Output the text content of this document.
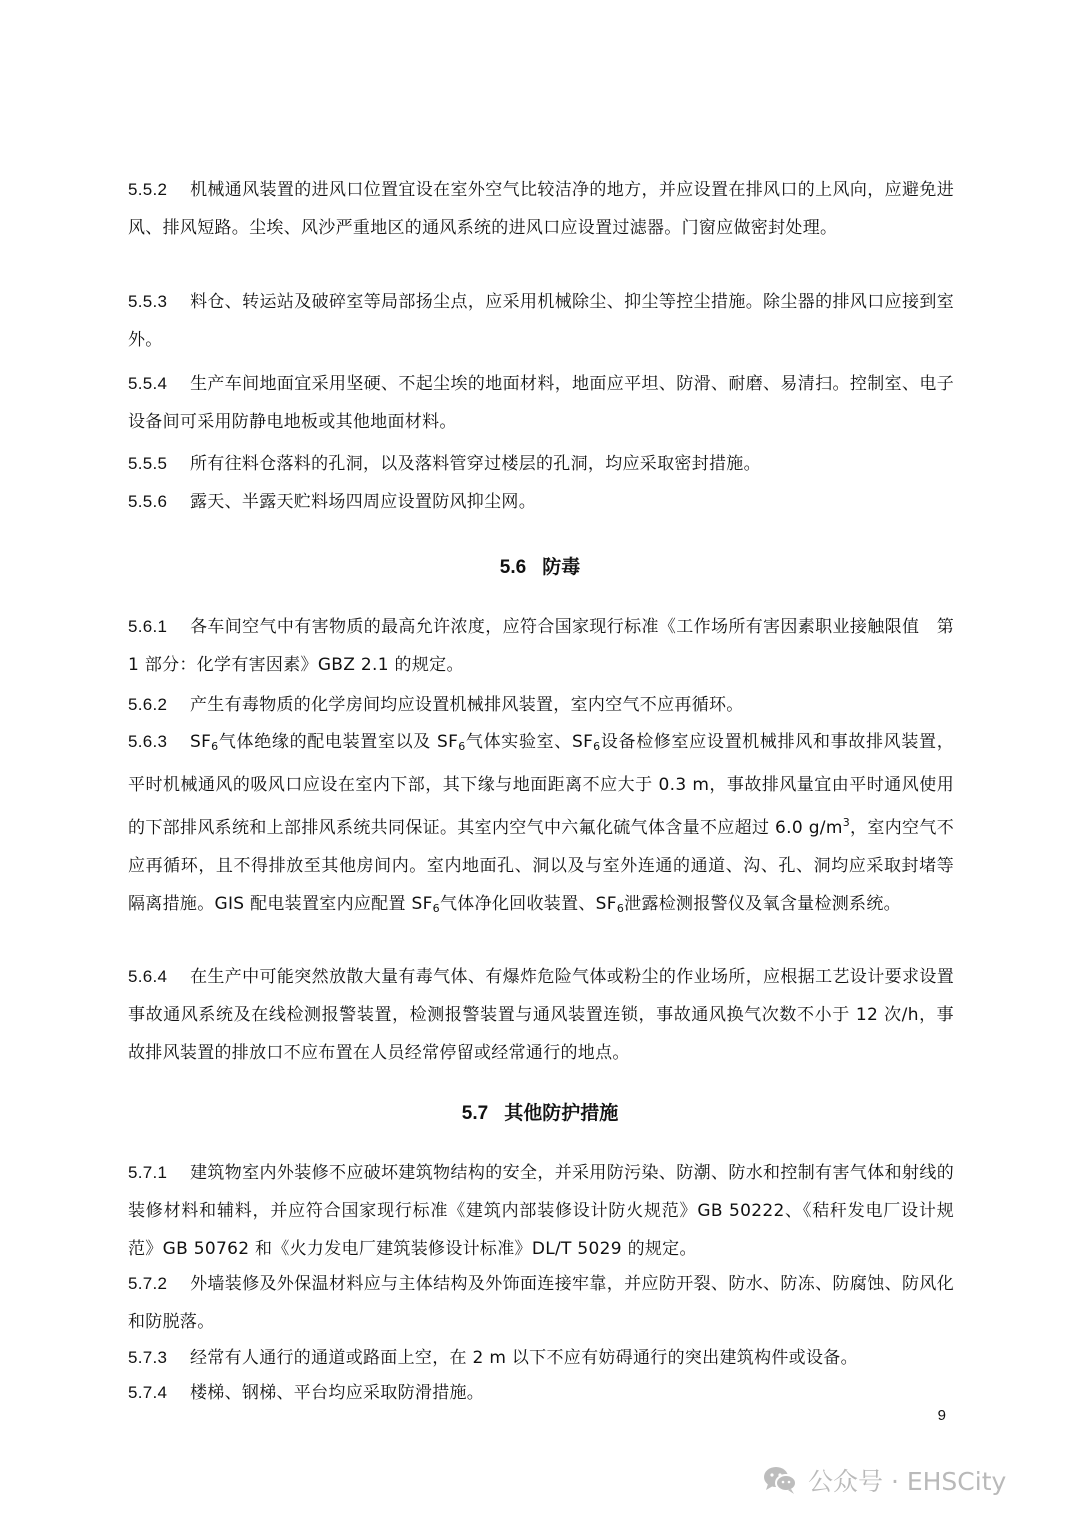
5.5.2 机械通风装置的进风口位置宜设在室外空气比较洁净的地方，并应设置在排风口的上风向，应避免进风、排风短路。尘埃、风沙严重地区的通风系统的进风口应设置过滤器。门窗应做密封处理。
5.5.3 料仓、转运站及破碎室等局部扬尘点，应采用机械除尘、抑尘等控尘措施。除尘器的排风口应接到室外。
5.5.4 生产车间地面宜采用坚硬、不起尘埃的地面材料，地面应平坦、防滑、耐磨、易清扫。控制室、电子设备间可采用防静电地板或其他地面材料。
5.5.5 所有往料仓落料的孔洞，以及落料管穿过楼层的孔洞，均应采取密封措施。
5.5.6 露天、半露天贮料场四周应设置防风抑尘网。
5.6 防毒
5.6.1 各车间空气中有害物质的最高允许浓度，应符合国家现行标准《工作场所有害因素职业接触限值　第 1 部分：化学有害因素》GBZ 2.1 的规定。
5.6.2 产生有毒物质的化学房间均应设置机械排风装置，室内空气不应再循环。
5.6.3 $SF_6$气体绝缘的配电装置室以及 $SF_6$气体实验室、$SF_6$设备检修室应设置机械排风和事故排风装置，平时机械通风的吸风口应设在室内下部，其下缘与地面距离不应大于 0.3 m，事故排风量宜由平时通风使用的下部排风系统和上部排风系统共同保证。其室内空气中六氟化硫气体含量不应超过 6.0 $g/m^3$，室内空气不应再循环，且不得排放至其他房间内。室内地面孔、洞以及与室外连通的通道、沟、孔、洞均应采取封堵等隔离措施。GIS 配电装置室内应配置 $SF_6$气体净化回收装置、$SF_6$泄露检测报警仪及氧含量检测系统。
5.6.4 在生产中可能突然放散大量有毒气体、有爆炸危险气体或粉尘的作业场所，应根据工艺设计要求设置事故通风系统及在线检测报警装置，检测报警装置与通风装置连锁，事故通风换气次数不小于 12 次/h，事故排风装置的排放口不应布置在人员经常停留或经常通行的地点。
5.7 其他防护措施
5.7.1 建筑物室内外装修不应破坏建筑物结构的安全，并采用防污染、防潮、防水和控制有害气体和射线的装修材料和辅料，并应符合国家现行标准《建筑内部装修设计防火规范》GB 50222、《秸秆发电厂设计规范》GB 50762 和《火力发电厂建筑装修设计标准》DL/T 5029 的规定。
5.7.2 外墙装修及外保温材料应与主体结构及外饰面连接牢靠，并应防开裂、防水、防冻、防腐蚀、防风化和防脱落。
5.7.3 经常有人通行的通道或路面上空，在 2 m 以下不应有妨碍通行的突出建筑构件或设备。
5.7.4 楼梯、钢梯、平台均应采取防滑措施。
9
公众号 · EHSCity
